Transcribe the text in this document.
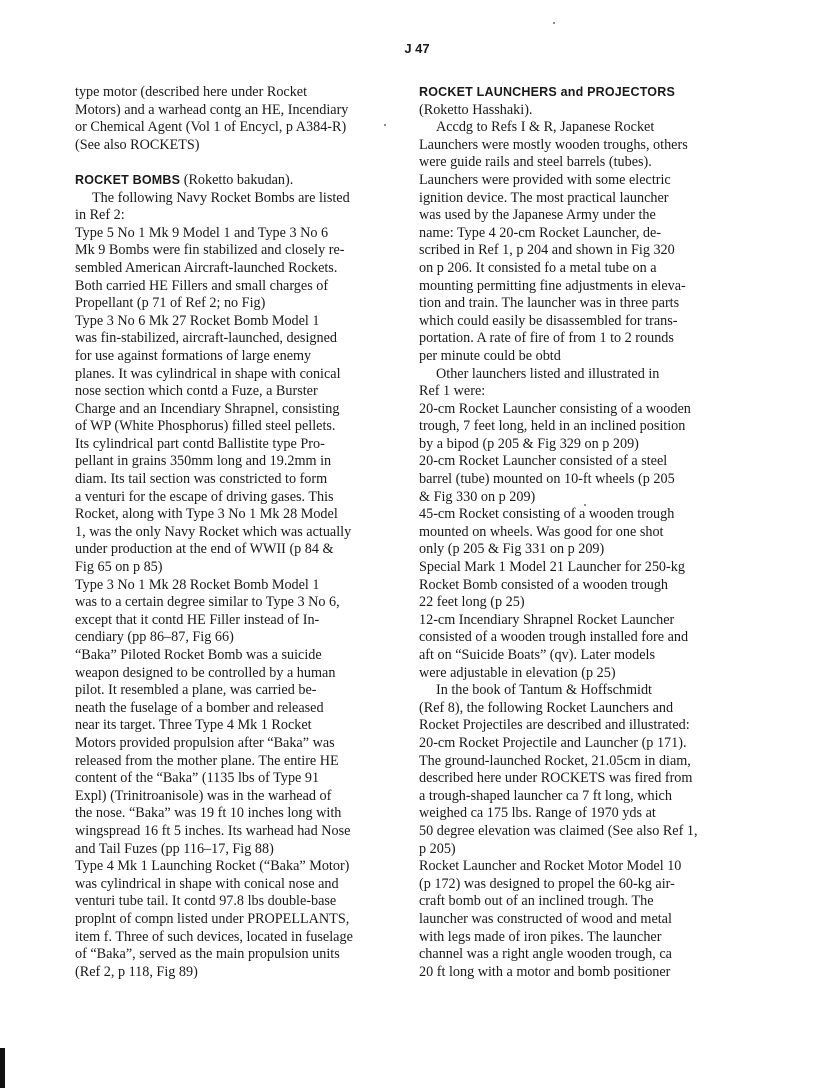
J 47
type motor (described here under Rocket
Motors) and a warhead contg an HE, Incendiary
or Chemical Agent (Vol 1 of Encycl, p A384-R)
(See also ROCKETS)
ROCKET BOMBS (Roketto bakudan).
The following Navy Rocket Bombs are listed
in Ref 2:
Type 5 No 1 Mk 9 Model 1 and Type 3 No 6
Mk 9 Bombs were fin stabilized and closely re-
sembled American Aircraft-launched Rockets.
Both carried HE Fillers and small charges of
Propellant (p 71 of Ref 2; no Fig)
Type 3 No 6 Mk 27 Rocket Bomb Model 1
was fin-stabilized, aircraft-launched, designed
for use against formations of large enemy
planes. It was cylindrical in shape with conical
nose section which contd a Fuze, a Burster
Charge and an Incendiary Shrapnel, consisting
of WP (White Phosphorus) filled steel pellets.
Its cylindrical part contd Ballistite type Pro-
pellant in grains 350mm long and 19.2mm in
diam. Its tail section was constricted to form
a venturi for the escape of driving gases. This
Rocket, along with Type 3 No 1 Mk 28 Model
1, was the only Navy Rocket which was actually
under production at the end of WWII (p 84 &
Fig 65 on p 85)
Type 3 No 1 Mk 28 Rocket Bomb Model 1
was to a certain degree similar to Type 3 No 6,
except that it contd HE Filler instead of In-
cendiary (pp 86–87, Fig 66)
“Baka” Piloted Rocket Bomb was a suicide
weapon designed to be controlled by a human
pilot. It resembled a plane, was carried be-
neath the fuselage of a bomber and released
near its target. Three Type 4 Mk 1 Rocket
Motors provided propulsion after “Baka” was
released from the mother plane. The entire HE
content of the “Baka” (1135 lbs of Type 91
Expl) (Trinitroanisole) was in the warhead of
the nose. “Baka” was 19 ft 10 inches long with
wingspread 16 ft 5 inches. Its warhead had Nose
and Tail Fuzes (pp 116–17, Fig 88)
Type 4 Mk 1 Launching Rocket (“Baka” Motor)
was cylindrical in shape with conical nose and
venturi tube tail. It contd 97.8 lbs double-base
proplnt of compn listed under PROPELLANTS,
item f. Three of such devices, located in fuselage
of “Baka”, served as the main propulsion units
(Ref 2, p 118, Fig 89)
ROCKET LAUNCHERS and PROJECTORS
(Roketto Hasshaki).
Accdg to Refs I & R, Japanese Rocket
Launchers were mostly wooden troughs, others
were guide rails and steel barrels (tubes).
Launchers were provided with some electric
ignition device. The most practical launcher
was used by the Japanese Army under the
name: Type 4 20-cm Rocket Launcher, de-
scribed in Ref 1, p 204 and shown in Fig 320
on p 206. It consisted fo a metal tube on a
mounting permitting fine adjustments in eleva-
tion and train. The launcher was in three parts
which could easily be disassembled for trans-
portation. A rate of fire of from 1 to 2 rounds
per minute could be obtd
Other launchers listed and illustrated in
Ref 1 were:
20-cm Rocket Launcher consisting of a wooden
trough, 7 feet long, held in an inclined position
by a bipod (p 205 & Fig 329 on p 209)
20-cm Rocket Launcher consisted of a steel
barrel (tube) mounted on 10-ft wheels (p 205
& Fig 330 on p 209)
45-cm Rocket consisting of a wooden trough
mounted on wheels. Was good for one shot
only (p 205 & Fig 331 on p 209)
Special Mark 1 Model 21 Launcher for 250-kg
Rocket Bomb consisted of a wooden trough
22 feet long (p 25)
12-cm Incendiary Shrapnel Rocket Launcher
consisted of a wooden trough installed fore and
aft on “Suicide Boats” (qv). Later models
were adjustable in elevation (p 25)
In the book of Tantum & Hoffschmidt
(Ref 8), the following Rocket Launchers and
Rocket Projectiles are described and illustrated:
20-cm Rocket Projectile and Launcher (p 171).
The ground-launched Rocket, 21.05cm in diam,
described here under ROCKETS was fired from
a trough-shaped launcher ca 7 ft long, which
weighed ca 175 lbs. Range of 1970 yds at
50 degree elevation was claimed (See also Ref 1,
p 205)
Rocket Launcher and Rocket Motor Model 10
(p 172) was designed to propel the 60-kg air-
craft bomb out of an inclined trough. The
launcher was constructed of wood and metal
with legs made of iron pikes. The launcher
channel was a right angle wooden trough, ca
20 ft long with a motor and bomb positioner
